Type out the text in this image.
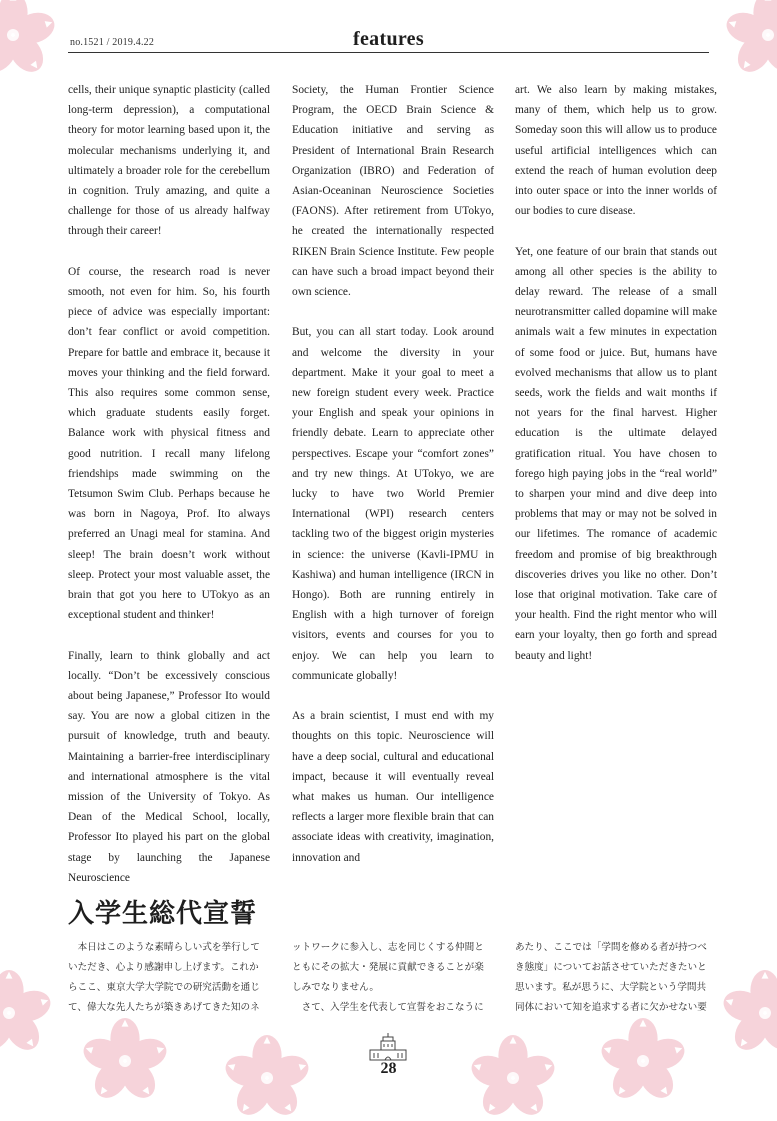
no.1521 / 2019.4.22	features

cells, their unique synaptic plasticity (called long-term depression), a computational theory for motor learning based upon it, the molecular mechanisms underlying it, and ultimately a broader role for the cerebellum in cognition. Truly amazing, and quite a challenge for those of us already halfway through their career!

Of course, the research road is never smooth, not even for him. So, his fourth piece of advice was especially important: don’t fear conflict or avoid competition. Prepare for battle and embrace it, because it moves your thinking and the field forward. This also requires some common sense, which graduate students easily forget. Balance work with physical fitness and good nutrition. I recall many lifelong friendships made swimming on the Tetsumon Swim Club. Perhaps because he was born in Nagoya, Prof. Ito always preferred an Unagi meal for stamina. And sleep! The brain doesn’t work without sleep. Protect your most valuable asset, the brain that got you here to UTokyo as an exceptional student and thinker!

Finally, learn to think globally and act locally. “Don’t be excessively conscious about being Japanese,” Professor Ito would say. You are now a global citizen in the pursuit of knowledge, truth and beauty. Maintaining a barrier-free interdisciplinary and international atmosphere is the vital mission of the University of Tokyo. As Dean of the Medical School, locally, Professor Ito played his part on the global stage by launching the Japanese Neuroscience

Society, the Human Frontier Science Program, the OECD Brain Science & Education initiative and serving as President of International Brain Research Organization (IBRO) and Federation of Asian-Oceaninan Neuroscience Societies (FAONS). After retirement from UTokyo, he created the internationally respected RIKEN Brain Science Institute. Few people can have such a broad impact beyond their own science.

But, you can all start today. Look around and welcome the diversity in your department. Make it your goal to meet a new foreign student every week. Practice your English and speak your opinions in friendly debate. Learn to appreciate other perspectives. Escape your “comfort zones” and try new things. At UTokyo, we are lucky to have two World Premier International (WPI) research centers tackling two of the biggest origin mysteries in science: the universe (Kavli-IPMU in Kashiwa) and human intelligence (IRCN in Hongo). Both are running entirely in English with a high turnover of foreign visitors, events and courses for you to enjoy. We can help you learn to communicate globally!

As a brain scientist, I must end with my thoughts on this topic. Neuroscience will have a deep social, cultural and educational impact, because it will eventually reveal what makes us human. Our intelligence reflects a larger more flexible brain that can associate ideas with creativity, imagination, innovation and

art. We also learn by making mistakes, many of them, which help us to grow. Someday soon this will allow us to produce useful artificial intelligences which can extend the reach of human evolution deep into outer space or into the inner worlds of our bodies to cure disease.

Yet, one feature of our brain that stands out among all other species is the ability to delay reward. The release of a small neurotransmitter called dopamine will make animals wait a few minutes in expectation of some food or juice. But, humans have evolved mechanisms that allow us to plant seeds, work the fields and wait months if not years for the final harvest. Higher education is the ultimate delayed gratification ritual. You have chosen to forego high paying jobs in the “real world” to sharpen your mind and dive deep into problems that may or may not be solved in our lifetimes. The romance of academic freedom and promise of big breakthrough discoveries drives you like no other. Don’t lose that original motivation. Take care of your health. Find the right mentor who will earn your loyalty, then go forth and spread beauty and light!

入学生総代宣誓
　本日はこのような素晴らしい式を挙行していただき、心より感謝申し上げます。これからここ、東京大学大学院での研究活動を通じて、偉大な先人たちが築きあげてきた知のネ
ットワークに参入し、志を同じくする仲間とともにその拡大・発展に貢献できることが楽しみでなりません。
　さて、入学生を代表して宣誓をおこなうに
あたり、ここでは「学問を修める者が持つべき態度」についてお話させていただきたいと思います。私が思うに、大学院という学問共同体において知を追求する者に欠かせない要
28
